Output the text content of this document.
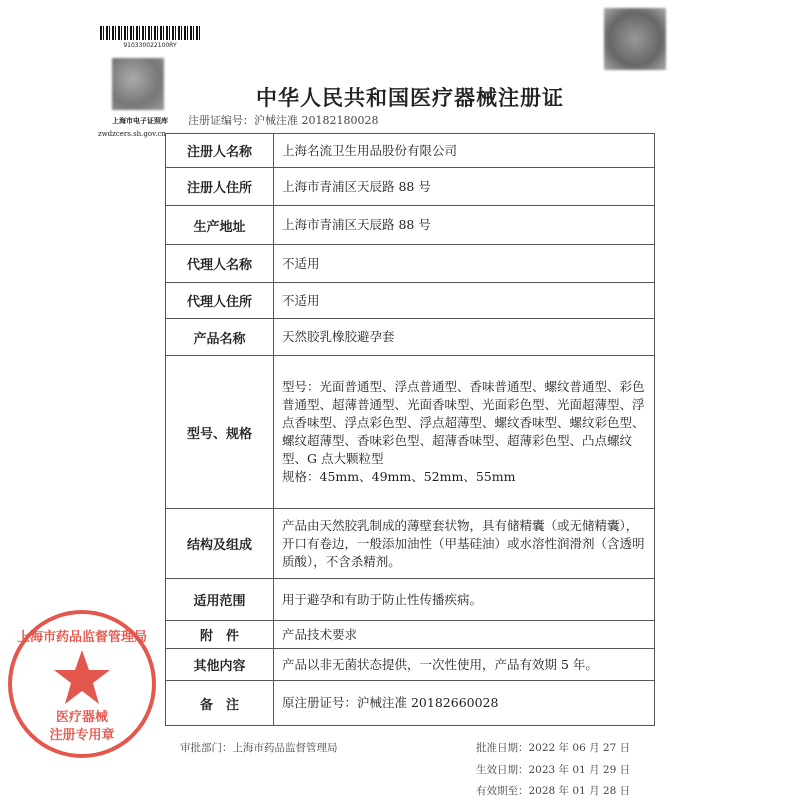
910330022100RY
上海市电子证照库
zwdzcers.sh.gov.cn
中华人民共和国医疗器械注册证
注册证编号：沪械注准 20182180028
注册人名称	上海名流卫生用品股份有限公司
注册人住所	上海市青浦区天辰路 88 号
生产地址	上海市青浦区天辰路 88 号
代理人名称	不适用
代理人住所	不适用
产品名称	天然胶乳橡胶避孕套
型号、规格	型号：光面普通型、浮点普通型、香味普通型、螺纹普通型、彩色普通型、超薄普通型、光面香味型、光面彩色型、光面超薄型、浮点香味型、浮点彩色型、浮点超薄型、螺纹香味型、螺纹彩色型、螺纹超薄型、香味彩色型、超薄香味型、超薄彩色型、凸点螺纹型、G 点大颗粒型
规格：45mm、49mm、52mm、55mm

结构及组成	产品由天然胶乳制成的薄壁套状物，具有储精囊（或无储精囊），开口有卷边，一般添加油性（甲基硅油）或水溶性润滑剂（含透明质酸），不含杀精剂。
适用范围	用于避孕和有助于防止性传播疾病。
附　件	产品技术要求
其他内容	产品以非无菌状态提供，一次性使用，产品有效期 5 年。
备　注	原注册证号：沪械注准 20182660028
审批部门：上海市药品监督管理局	批准日期：2022 年 06 月 27 日
生效日期：2023 年 01 月 29 日
有效期至：2028 年 01 月 28 日
上海市药品监督管理局
医疗器械
注册专用章
